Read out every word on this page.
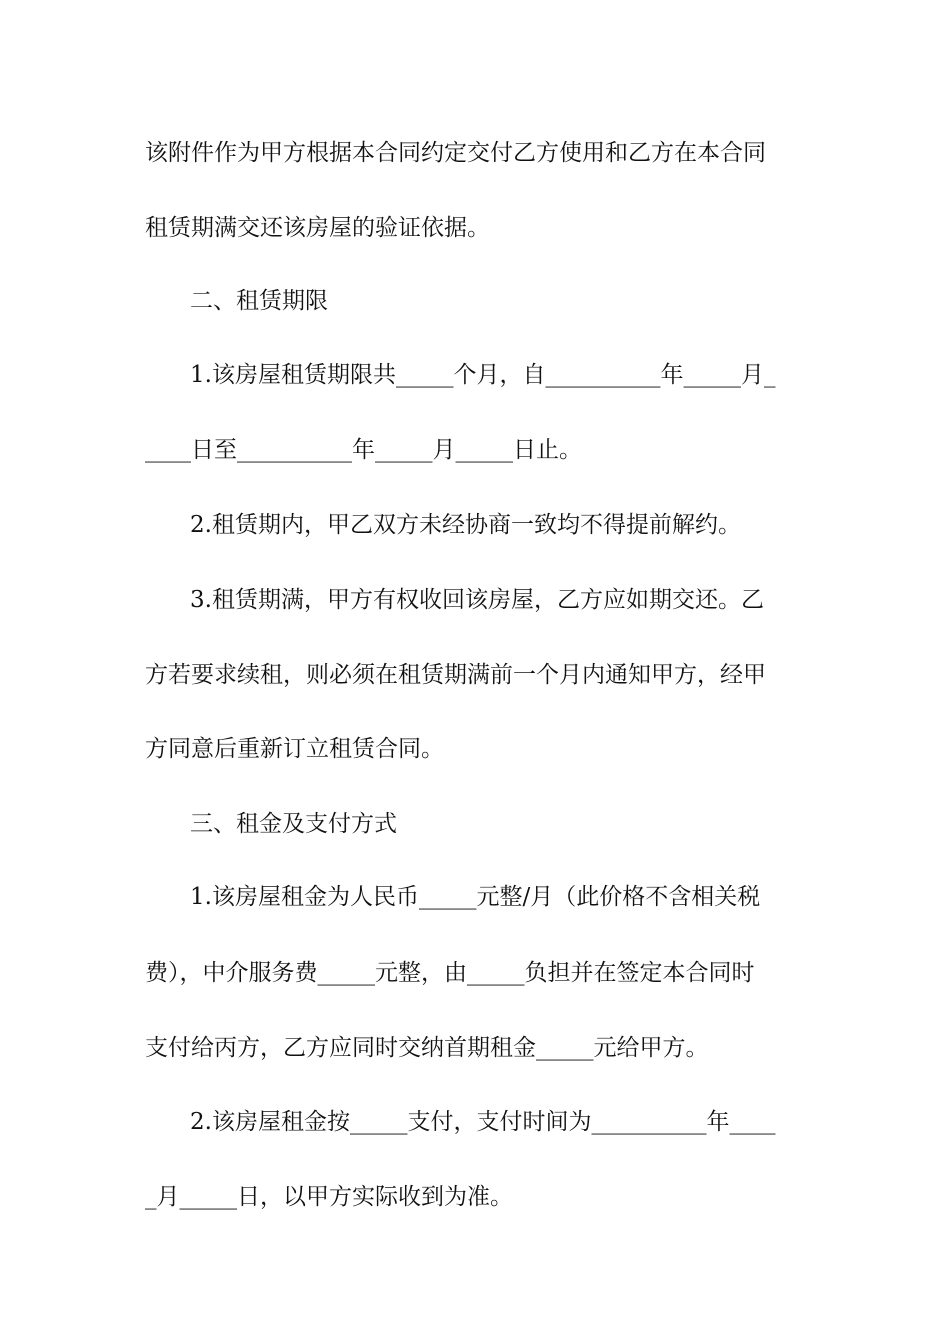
该附件作为甲方根据本合同约定交付乙方使用和乙方在本合同
租赁期满交还该房屋的验证依据。
二、租赁期限
1.该房屋租赁期限共_____个月，自__________年_____月_
____日至__________年_____月_____日止。
2.租赁期内，甲乙双方未经协商一致均不得提前解约。
3.租赁期满，甲方有权收回该房屋，乙方应如期交还。乙
方若要求续租，则必须在租赁期满前一个月内通知甲方，经甲
方同意后重新订立租赁合同。
三、租金及支付方式
1.该房屋租金为人民币_____元整/月（此价格不含相关税
费），中介服务费_____元整，由_____负担并在签定本合同时
支付给丙方，乙方应同时交纳首期租金_____元给甲方。
2.该房屋租金按_____支付，支付时间为__________年____
_月_____日，以甲方实际收到为准。
